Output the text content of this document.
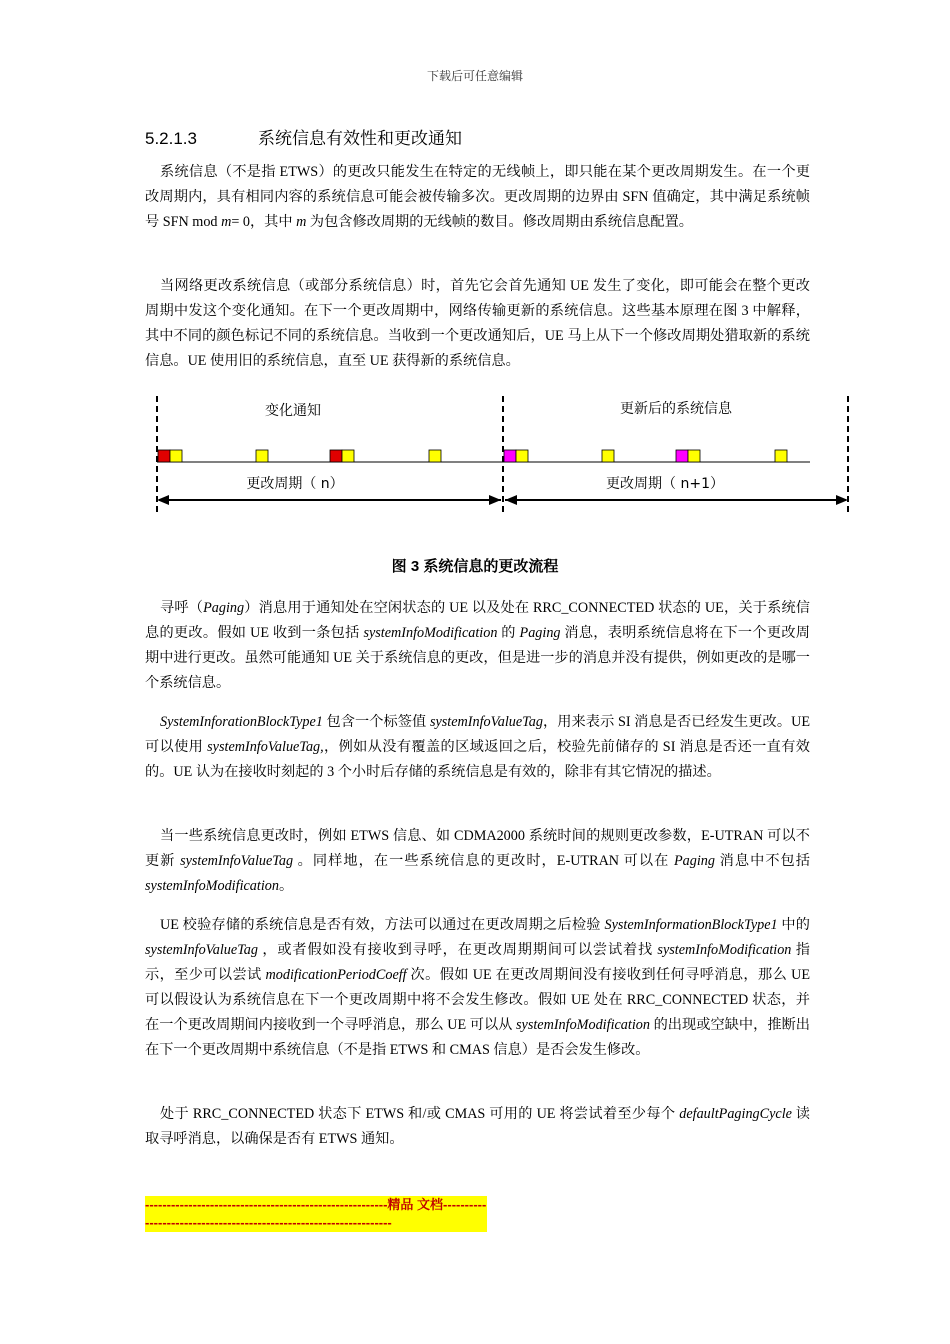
下载后可任意编辑
5.2.1.3	系统信息有效性和更改通知

系统信息（不是指 ETWS）的更改只能发生在特定的无线帧上，即只能在某个更改周期发生。在一个更改周期内，具有相同内容的系统信息可能会被传输多次。更改周期的边界由 SFN 值确定，其中满足系统帧号 SFN mod m= 0，其中 m 为包含修改周期的无线帧的数目。修改周期由系统信息配置。

当网络更改系统信息（或部分系统信息）时，首先它会首先通知 UE 发生了变化，即可能会在整个更改周期中发这个变化通知。在下一个更改周期中，网络传输更新的系统信息。这些基本原理在图 3 中解释，其中不同的颜色标记不同的系统信息。当收到一个更改通知后，UE 马上从下一个修改周期处猎取新的系统信息。UE 使用旧的系统信息，直至 UE 获得新的系统信息。

变化通知	更新后的系统信息
更改周期（ n）	更改周期（ n+1）
图 3 系统信息的更改流程

寻呼（Paging）消息用于通知处在空闲状态的 UE 以及处在 RRC_CONNECTED 状态的 UE，关于系统信息的更改。假如 UE 收到一条包括 systemInfoModification 的 Paging 消息，表明系统信息将在下一个更改周期中进行更改。虽然可能通知 UE 关于系统信息的更改，但是进一步的消息并没有提供，例如更改的是哪一个系统信息。

SystemInforationBlockType1 包含一个标签值 systemInfoValueTag，用来表示 SI 消息是否已经发生更改。UE 可以使用 systemInfoValueTag,，例如从没有覆盖的区域返回之后，校验先前储存的 SI 消息是否还一直有效的。UE 认为在接收时刻起的 3 个小时后存储的系统信息是有效的，除非有其它情况的描述。

当一些系统信息更改时，例如 ETWS 信息、如 CDMA2000 系统时间的规则更改参数，E-UTRAN 可以不更新 systemInfoValueTag 。同样地，在一些系统信息的更改时，E-UTRAN 可以在 Paging 消息中不包括 systemInfoModification。

UE 校验存储的系统信息是否有效，方法可以通过在更改周期之后检验 SystemInformationBlockType1 中的 systemInfoValueTag ，或者假如没有接收到寻呼，在更改周期期间可以尝试着找 systemInfoModification 指示，至少可以尝试 modificationPeriodCoeff 次。假如 UE 在更改周期间没有接收到任何寻呼消息，那么 UE 可以假设认为系统信息在下一个更改周期中将不会发生修改。假如 UE 处在 RRC_CONNECTED 状态，并在一个更改周期间内接收到一个寻呼消息，那么 UE 可以从 systemInfoModification 的出现或空缺中，推断出在下一个更改周期中系统信息（不是指 ETWS 和 CMAS 信息）是否会发生修改。

处于 RRC_CONNECTED 状态下 ETWS 和/或 CMAS 可用的 UE 将尝试着至少每个 defaultPagingCycle 读取寻呼消息，以确保是否有 ETWS 通知。

--------------------------------------------------------精品 文档-------------------------------------------------------------------
